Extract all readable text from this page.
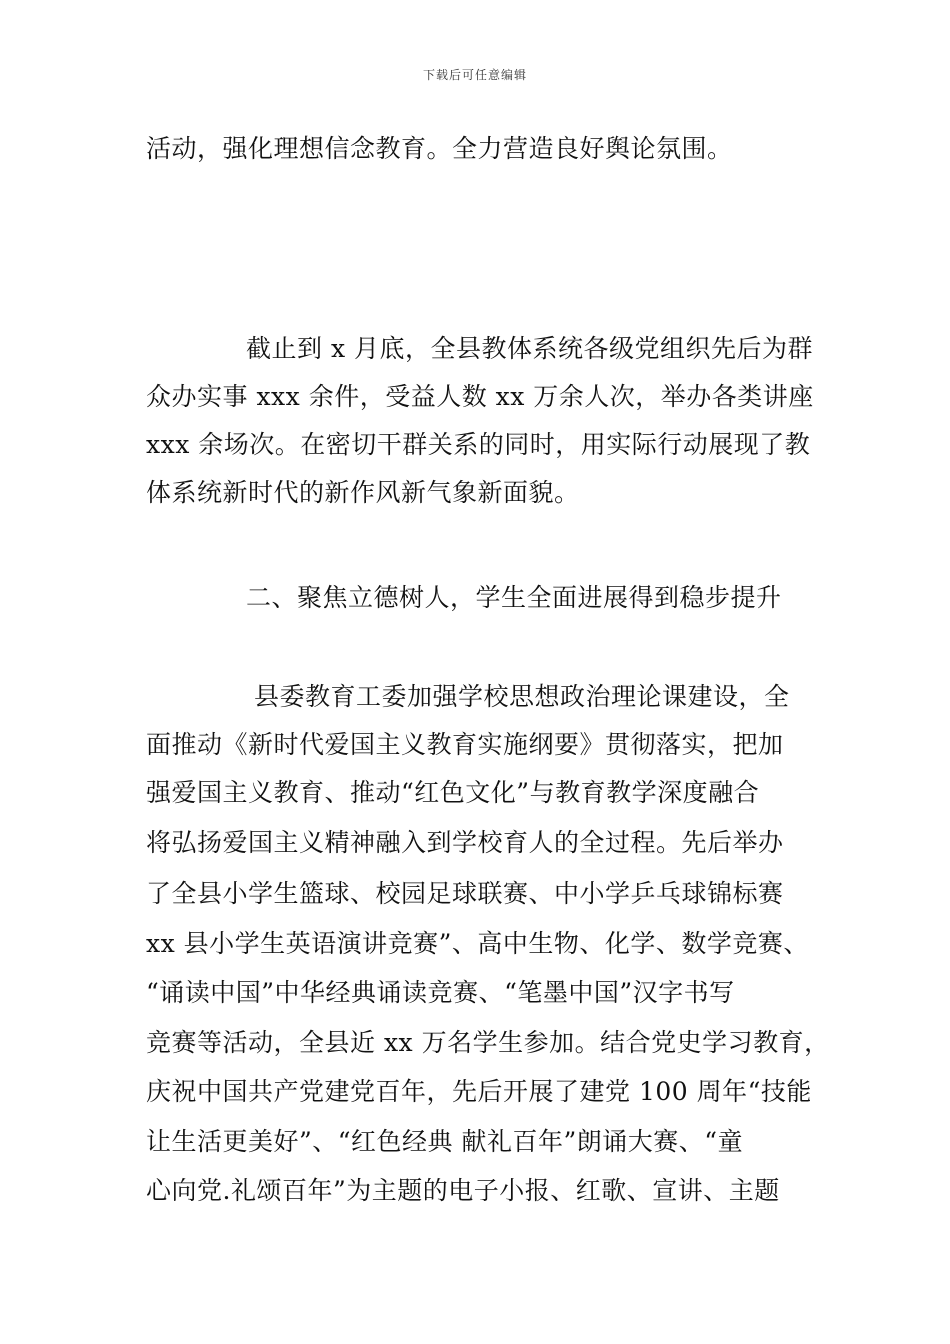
下载后可任意编辑
活动，强化理想信念教育。全力营造良好舆论氛围。
截止到 x 月底，全县教体系统各级党组织先后为群
众办实事 xxx 余件，受益人数 xx 万余人次，举办各类讲座
xxx 余场次。在密切干群关系的同时，用实际行动展现了教
体系统新时代的新作风新气象新面貌。
二、聚焦立德树人，学生全面进展得到稳步提升
县委教育工委加强学校思想政治理论课建设，全
面推动《新时代爱国主义教育实施纲要》贯彻落实，把加
强爱国主义教育、推动“红色文化”与教育教学深度融合
将弘扬爱国主义精神融入到学校育人的全过程。先后举办
了全县小学生篮球、校园足球联赛、中小学乒乓球锦标赛
xx 县小学生英语演讲竞赛”、高中生物、化学、数学竞赛、
“诵读中国”中华经典诵读竞赛、“笔墨中国”汉字书写
竞赛等活动，全县近 xx 万名学生参加。结合党史学习教育，
庆祝中国共产党建党百年，先后开展了建党 100 周年“技能
让生活更美好”、“红色经典 献礼百年”朗诵大赛、“童
心向党.礼颂百年”为主题的电子小报、红歌、宣讲、主题
